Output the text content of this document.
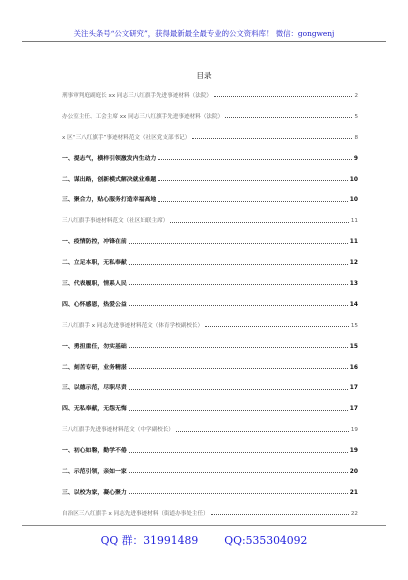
关注头条号“公文研究”，获得最新最全最专业的公文资料库！ 微信：gongwenj
目录
刑事审判庭副庭长 xx 同志三八红旗手先进事迹材料（法院）	2
办公室主任、工会主席 xx 同志三八红旗手先进事迹材料（法院）	5
x 区“三八红旗手”事迹材料范文（社区党支部书记）	8
一、提志气，横样引领激发内生动力	9
二、谋出路，创新模式解决就业难题	10
三、聚合力，贴心服务打造幸福高地	10
三八红旗手事迹材料范文（社区妇联主席）	11
一、疫情防控，冲锋在前	11
二、立足本职，无私奉献	12
三、代表履职，情系人民	13
四、心怀感恩，热爱公益	14
三八红旗手 x 同志先进事迹材料范文（体育学校副校长）	15
一、勇担重任，勿实基础	15
二、刻苦专研，业务精湛	16
三、以德示范，尽职尽责	17
四、无私奉献，无怨无悔	17
三八红旗手先进事迹材料范文（中学副校长）	19
一、初心如磐，勤学不倦	19
二、示范引领，亲如一家	20
三、以校为家，凝心聚力	21
自治区三八红旗手 x 同志先进事迹材料（街道办事处主任）	22
QQ 群：31991489 QQ:535304092
